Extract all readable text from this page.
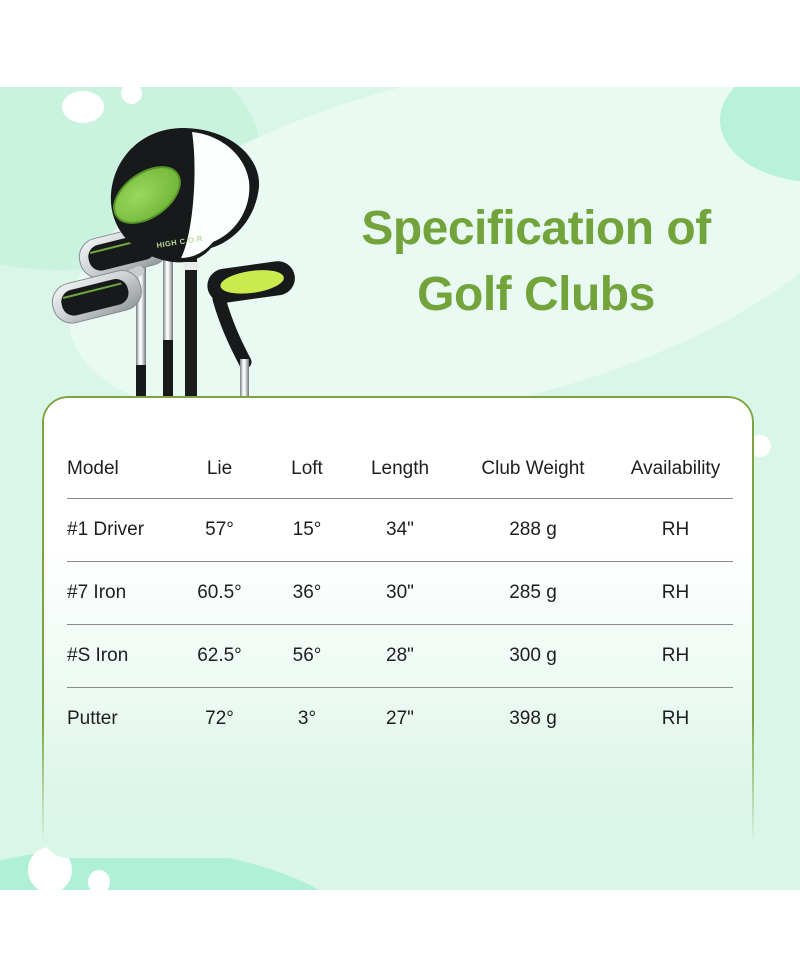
HIGH C.O.R	Specification of
Golf Clubs
Model	Lie	Loft	Length	Club Weight	Availability
#1 Driver	57°	15°	34"	288 g	RH
#7 Iron	60.5°	36°	30"	285 g	RH
#S Iron	62.5°	56°	28"	300 g	RH
Putter	72°	3°	27"	398 g	RH
